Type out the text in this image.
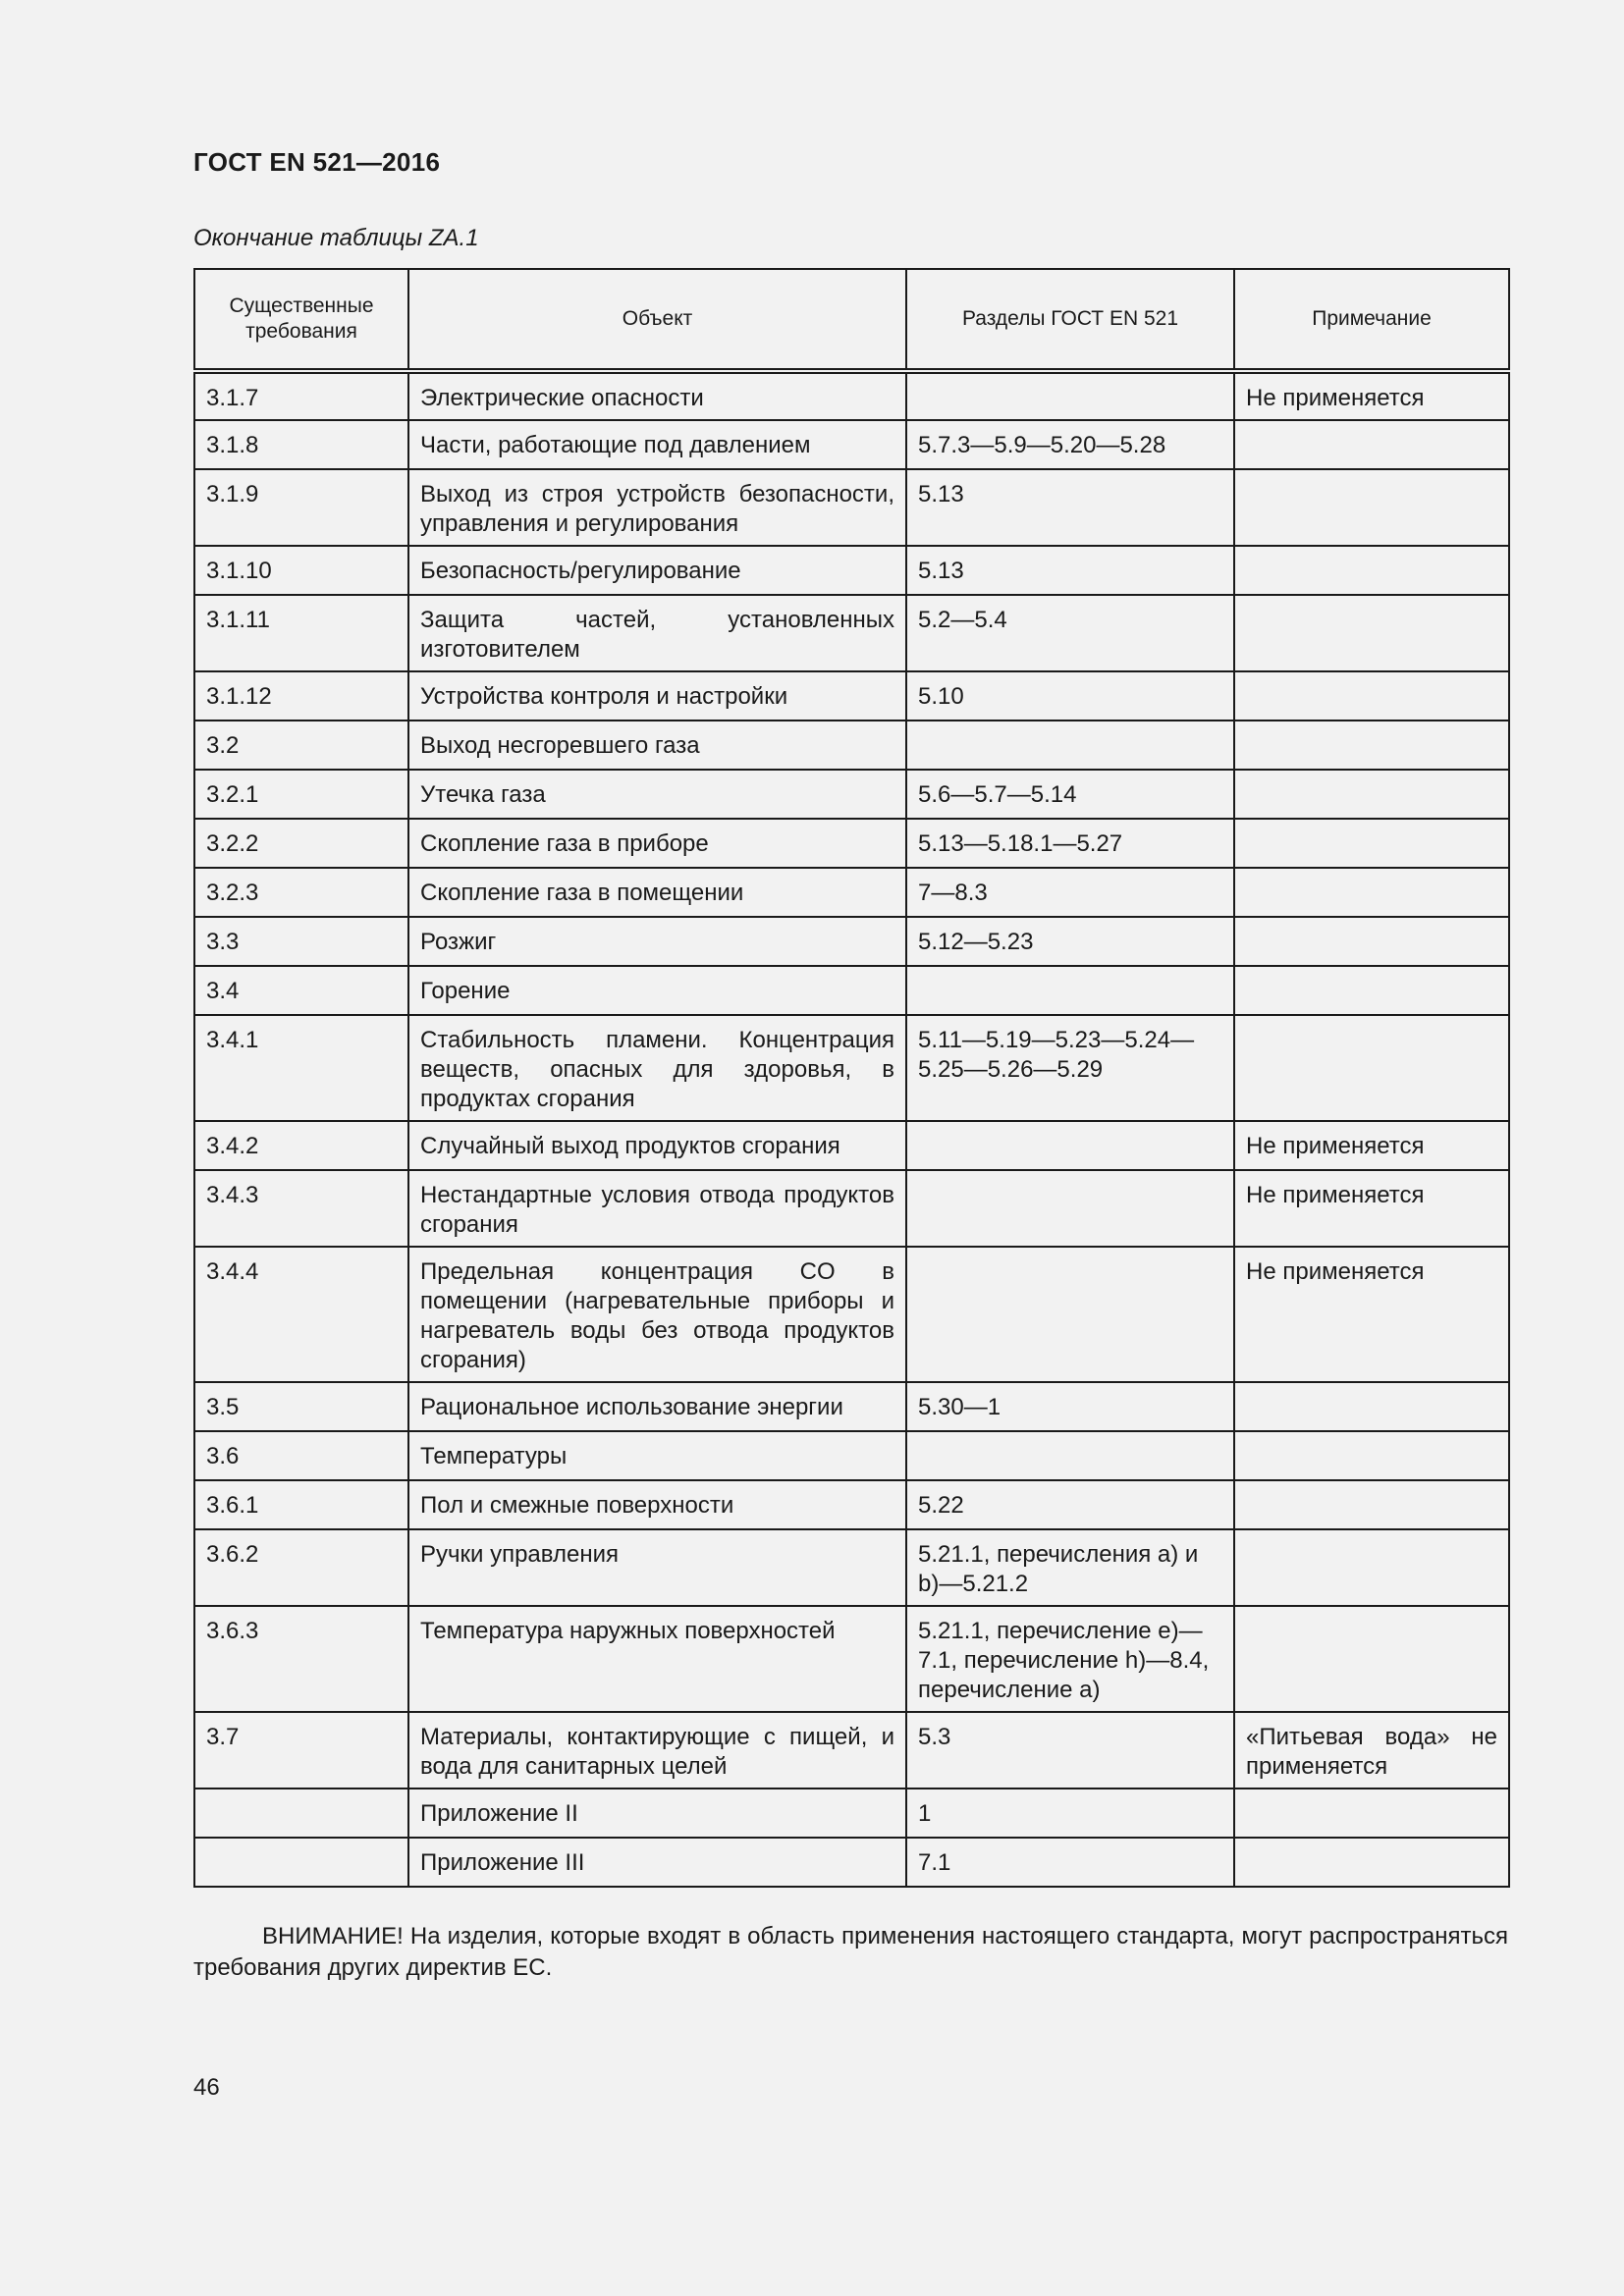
ГОСТ EN 521—2016
Окончание таблицы ZA.1
Существенные требования	Объект	Разделы ГОСТ EN 521	Примечание
3.1.7	Электрические опасности		Не применяется
3.1.8	Части, работающие под давлением	5.7.3—5.9—5.20—5.28	
3.1.9	Выход из строя устройств безопасности, управления и регулирования	5.13	
3.1.10	Безопасность/регулирование	5.13	
3.1.11	Защита частей, установленных изготовителем	5.2—5.4	
3.1.12	Устройства контроля и настройки	5.10	
3.2	Выход несгоревшего газа		
3.2.1	Утечка газа	5.6—5.7—5.14	
3.2.2	Скопление газа в приборе	5.13—5.18.1—5.27	
3.2.3	Скопление газа в помещении	7—8.3	
3.3	Розжиг	5.12—5.23	
3.4	Горение		
3.4.1	Стабильность пламени. Концентрация веществ, опасных для здоровья, в продуктах сгорания	5.11—5.19—5.23—5.24—5.25—5.26—5.29	
3.4.2	Случайный выход продуктов сгорания		Не применяется
3.4.3	Нестандартные условия отвода продуктов сгорания		Не применяется
3.4.4	Предельная концентрация CO в помещении (нагревательные приборы и нагреватель воды без отвода продуктов сгорания)		Не применяется
3.5	Рациональное использование энергии	5.30—1	
3.6	Температуры		
3.6.1	Пол и смежные поверхности	5.22	
3.6.2	Ручки управления	5.21.1, перечисления а) и b)—5.21.2	
3.6.3	Температура наружных поверхностей	5.21.1, перечисление е)—7.1, перечисление h)—8.4, перечисление а)	
3.7	Материалы, контактирующие с пищей, и вода для санитарных целей	5.3	«Питьевая вода» не применяется
	Приложение II	1	
	Приложение III	7.1	
ВНИМАНИЕ! На изделия, которые входят в область применения настоящего стандарта, могут распространяться требования других директив ЕС.
46
